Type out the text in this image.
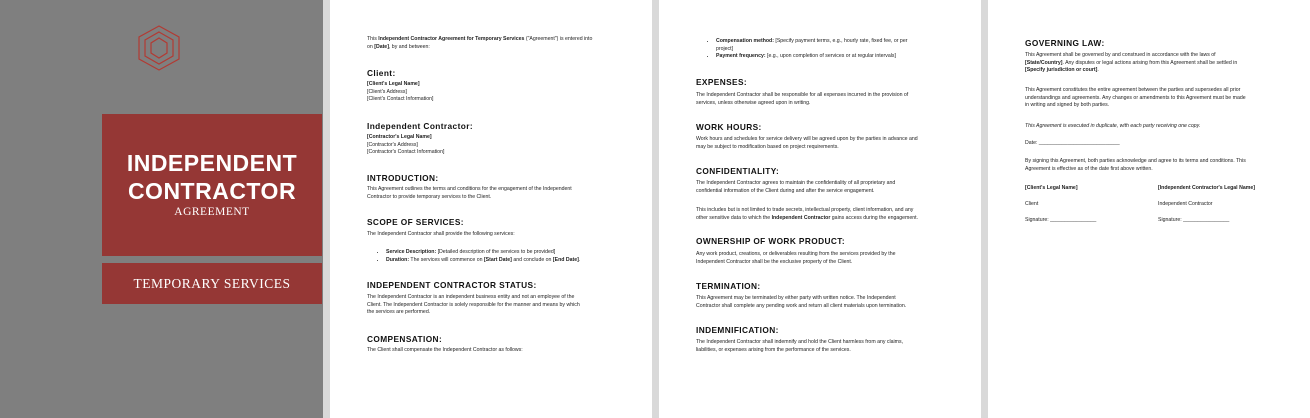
INDEPENDENT
CONTRACTOR
AGREEMENT
TEMPORARY SERVICES
This Independent Contractor Agreement for Temporary Services ("Agreement") is entered into
on [Date], by and between:
Client:
[Client's Legal Name]
[Client's Address]
[Client's Contact Information]
Independent Contractor:
[Contractor's Legal Name]
[Contractor's Address]
[Contractor's Contact Information]
INTRODUCTION:
This Agreement outlines the terms and conditions for the engagement of the Independent
Contractor to provide temporary services to the Client.
SCOPE OF SERVICES:
The Independent Contractor shall provide the following services:
• Service Description: [Detailed description of the services to be provided]
• Duration: The services will commence on [Start Date] and conclude on [End Date].
INDEPENDENT CONTRACTOR STATUS:
The Independent Contractor is an independent business entity and not an employee of the
Client. The Independent Contractor is solely responsible for the manner and means by which
the services are performed.
COMPENSATION:
The Client shall compensate the Independent Contractor as follows:
• Compensation method: [Specify payment terms, e.g., hourly rate, fixed fee, or per
project]
• Payment frequency: [e.g., upon completion of services or at regular intervals]
EXPENSES:
The Independent Contractor shall be responsible for all expenses incurred in the provision of
services, unless otherwise agreed upon in writing.
WORK HOURS:
Work hours and schedules for service delivery will be agreed upon by the parties in advance and
may be subject to modification based on project requirements.
CONFIDENTIALITY:
The Independent Contractor agrees to maintain the confidentiality of all proprietary and
confidential information of the Client during and after the service engagement.
This includes but is not limited to trade secrets, intellectual property, client information, and any
other sensitive data to which the Independent Contractor gains access during the engagement.
OWNERSHIP OF WORK PRODUCT:
Any work product, creations, or deliverables resulting from the services provided by the
Independent Contractor shall be the exclusive property of the Client.
TERMINATION:
This Agreement may be terminated by either party with written notice. The Independent
Contractor shall complete any pending work and return all client materials upon termination.
INDEMNIFICATION:
The Independent Contractor shall indemnify and hold the Client harmless from any claims,
liabilities, or expenses arising from the performance of the services.
GOVERNING LAW:
This Agreement shall be governed by and construed in accordance with the laws of
[State/Country]. Any disputes or legal actions arising from this Agreement shall be settled in
[Specify jurisdiction or court].
This Agreement constitutes the entire agreement between the parties and supersedes all prior
understandings and agreements. Any changes or amendments to this Agreement must be made
in writing and signed by both parties.
This Agreement is executed in duplicate, with each party receiving one copy.
Date: ____________________________
By signing this Agreement, both parties acknowledge and agree to its terms and conditions. This
Agreement is effective as of the date first above written.
[Client's Legal Name]	[Independent Contractor's Legal Name]
Client	Independent Contractor
Signature: ________________	Signature: ________________
